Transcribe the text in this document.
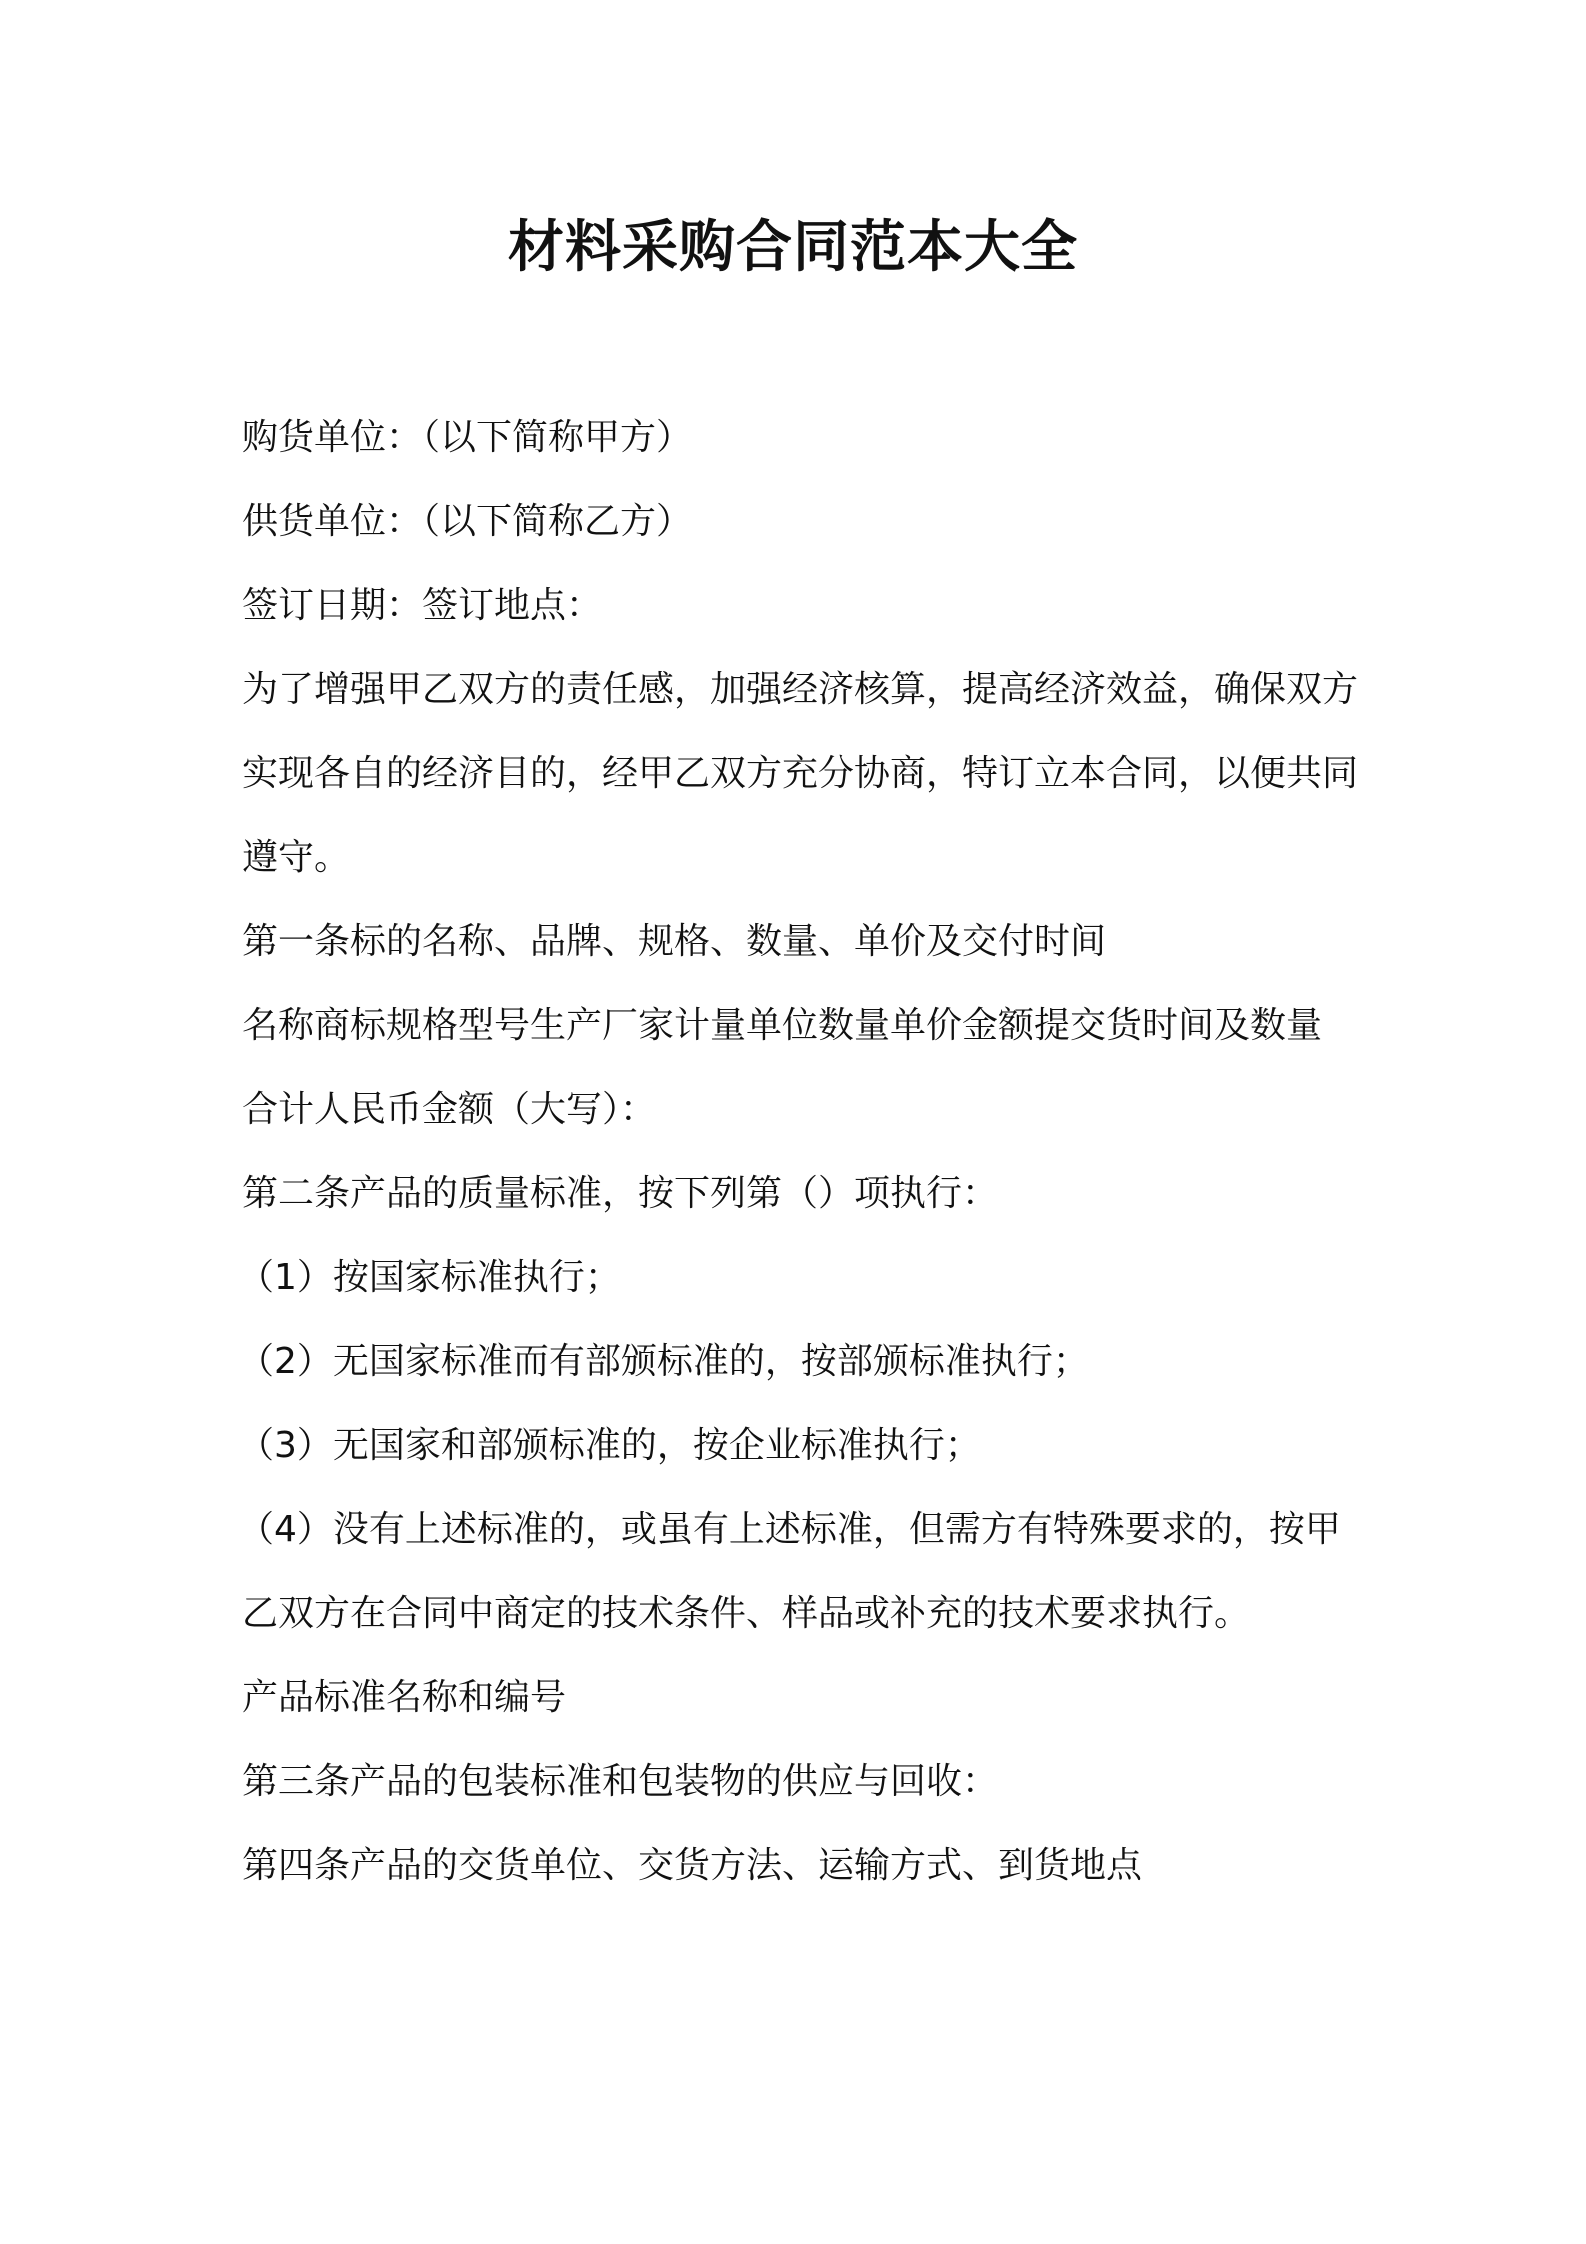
材料采购合同范本大全

购货单位：（以下简称甲方）

供货单位：（以下简称乙方）

签订日期：签订地点：

为了增强甲乙双方的责任感，加强经济核算，提高经济效益，确保双方实现各自的经济目的，经甲乙双方充分协商，特订立本合同，以便共同遵守。

第一条标的名称、品牌、规格、数量、单价及交付时间

名称商标规格型号生产厂家计量单位数量单价金额提交货时间及数量

合计人民币金额（大写）：

第二条产品的质量标准，按下列第（）项执行：

（1）按国家标准执行；

（2）无国家标准而有部颁标准的，按部颁标准执行；

（3）无国家和部颁标准的，按企业标准执行；

（4）没有上述标准的，或虽有上述标准，但需方有特殊要求的，按甲乙双方在合同中商定的技术条件、样品或补充的技术要求执行。

产品标准名称和编号

第三条产品的包装标准和包装物的供应与回收：

第四条产品的交货单位、交货方法、运输方式、到货地点
